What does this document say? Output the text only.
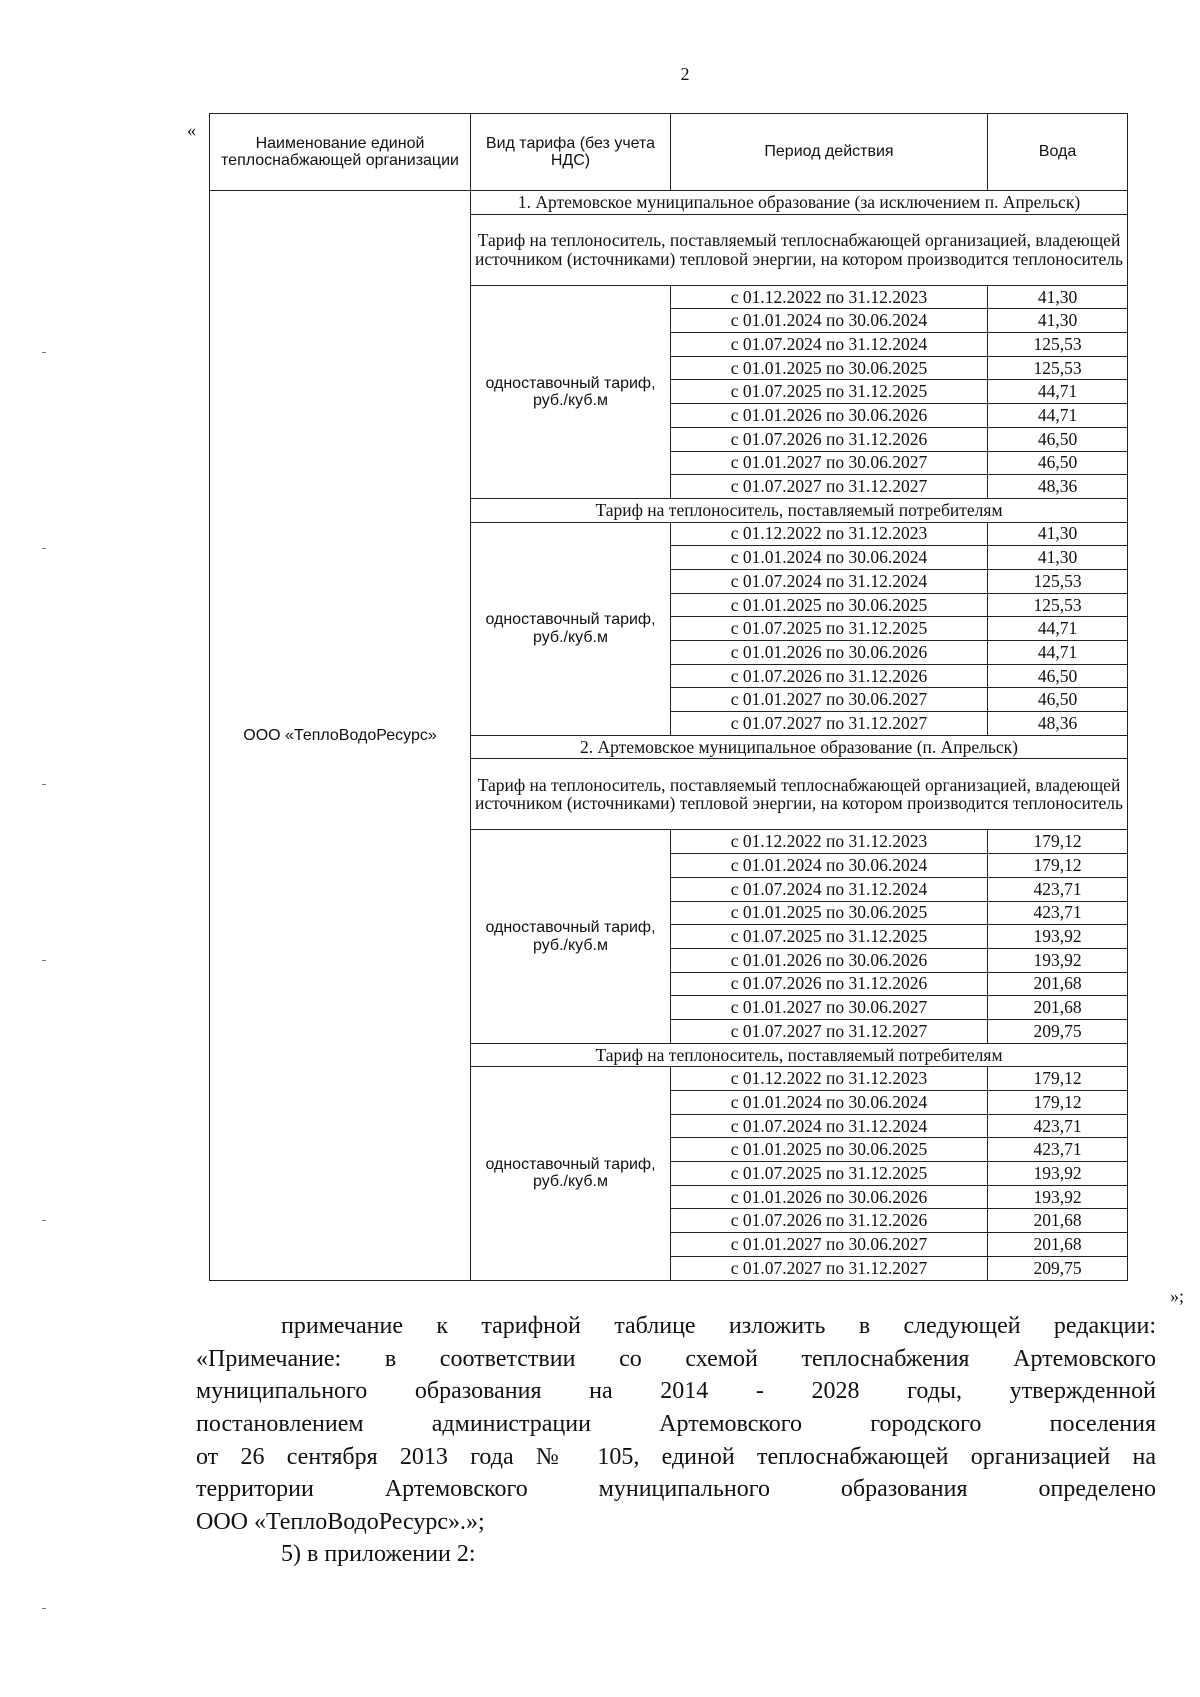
2
«
Наименование единой теплоснабжающей организации	Вид тарифа (без учета НДС)	Период действия	Вода
ООО «ТеплоВодоРесурс»	1. Артемовское муниципальное образование (за исключением п. Апрельск)		
	Тариф на теплоноситель, поставляемый теплоснабжающей организацией, владеющей источником (источниками) тепловой энергии, на котором производится теплоноситель		
	одноставочный тариф, руб./куб.м	с 01.12.2022 по 31.12.2023	41,30
		с 01.01.2024 по 30.06.2024	41,30
		с 01.07.2024 по 31.12.2024	125,53
		с 01.01.2025 по 30.06.2025	125,53
		с 01.07.2025 по 31.12.2025	44,71
		с 01.01.2026 по 30.06.2026	44,71
		с 01.07.2026 по 31.12.2026	46,50
		с 01.01.2027 по 30.06.2027	46,50
		с 01.07.2027 по 31.12.2027	48,36
	Тариф на теплоноситель, поставляемый потребителям		
	одноставочный тариф, руб./куб.м	с 01.12.2022 по 31.12.2023	41,30
		с 01.01.2024 по 30.06.2024	41,30
		с 01.07.2024 по 31.12.2024	125,53
		с 01.01.2025 по 30.06.2025	125,53
		с 01.07.2025 по 31.12.2025	44,71
		с 01.01.2026 по 30.06.2026	44,71
		с 01.07.2026 по 31.12.2026	46,50
		с 01.01.2027 по 30.06.2027	46,50
		с 01.07.2027 по 31.12.2027	48,36
	2. Артемовское муниципальное образование (п. Апрельск)		
	Тариф на теплоноситель, поставляемый теплоснабжающей организацией, владеющей источником (источниками) тепловой энергии, на котором производится теплоноситель		
	одноставочный тариф, руб./куб.м	с 01.12.2022 по 31.12.2023	179,12
		с 01.01.2024 по 30.06.2024	179,12
		с 01.07.2024 по 31.12.2024	423,71
		с 01.01.2025 по 30.06.2025	423,71
		с 01.07.2025 по 31.12.2025	193,92
		с 01.01.2026 по 30.06.2026	193,92
		с 01.07.2026 по 31.12.2026	201,68
		с 01.01.2027 по 30.06.2027	201,68
		с 01.07.2027 по 31.12.2027	209,75
	Тариф на теплоноситель, поставляемый потребителям		
	одноставочный тариф, руб./куб.м	с 01.12.2022 по 31.12.2023	179,12
		с 01.01.2024 по 30.06.2024	179,12
		с 01.07.2024 по 31.12.2024	423,71
		с 01.01.2025 по 30.06.2025	423,71
		с 01.07.2025 по 31.12.2025	193,92
		с 01.01.2026 по 30.06.2026	193,92
		с 01.07.2026 по 31.12.2026	201,68
		с 01.01.2027 по 30.06.2027	201,68
		с 01.07.2027 по 31.12.2027	209,75
»;

примечание к тарифной таблице изложить в следующей редакции:

«Примечание: в соответствии со схемой теплоснабжения Артемовского

муниципального образования на 2014 - 2028 годы, утвержденной

постановлением администрации Артемовского городского поселения

от 26 сентября 2013 года № 105, единой теплоснабжающей организацией на

территории Артемовского муниципального образования определено

ООО «ТеплоВодоРесурс».»;

5) в приложении 2:
